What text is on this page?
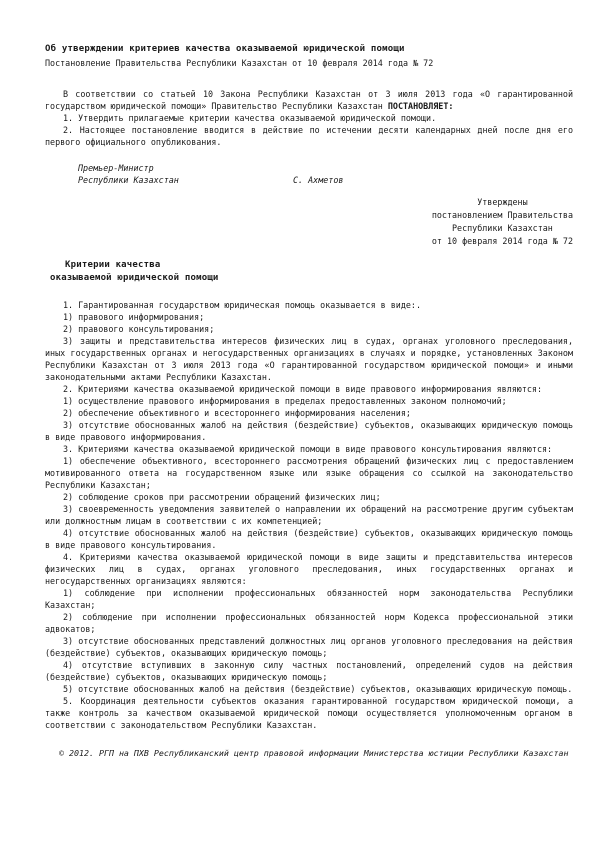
Об утверждении критериев качества оказываемой юридической помощи
Постановление Правительства Республики Казахстан от 10 февраля 2014 года № 72

В соответствии со статьей 10 Закона Республики Казахстан от 3 июля 2013 года «О гарантированной государством юридической помощи» Правительство Республики Казахстан ПОСТАНОВЛЯЕТ:

1. Утвердить прилагаемые критерии качества оказываемой юридической помощи.

2. Настоящее постановление вводится в действие по истечении десяти календарных дней после дня его первого официального опубликования.

Премьер-Министр
Республики Казахстан	С. Ахметов
Утверждены
постановлением Правительства
Республики Казахстан
от 10 февраля 2014 года № 72
Критерии качества
оказываемой юридической помощи

1. Гарантированная государством юридическая помощь оказывается в виде:.

1) правового информирования;

2) правового консультирования;

3) защиты и представительства интересов физических лиц в судах, органах уголовного преследования, иных государственных органах и негосударственных организациях в случаях и порядке, установленных Законом Республики Казахстан от 3 июля 2013 года «О гарантированной государством юридической помощи» и иными законодательными актами Республики Казахстан.

2. Критериями качества оказываемой юридической помощи в виде правового информирования являются:

1) осуществление правового информирования в пределах предоставленных законом полномочий;

2) обеспечение объективного и всестороннего информирования населения;

3) отсутствие обоснованных жалоб на действия (бездействие) субъектов, оказывающих юридическую помощь в виде правового информирования.

3. Критериями качества оказываемой юридической помощи в виде правового консультирования являются:

1) обеспечение объективного, всестороннего рассмотрения обращений физических лиц с предоставлением мотивированного ответа на государственном языке или языке обращения со ссылкой на законодательство Республики Казахстан;

2) соблюдение сроков при рассмотрении обращений физических лиц;

3) своевременность уведомления заявителей о направлении их обращений на рассмотрение другим субъектам или должностным лицам в соответствии с их компетенцией;

4) отсутствие обоснованных жалоб на действия (бездействие) субъектов, оказывающих юридическую помощь в виде правового консультирования.

4. Критериями качества оказываемой юридической помощи в виде защиты и представительства интересов физических лиц в судах, органах уголовного преследования, иных государственных органах и негосударственных организациях являются:

1) соблюдение при исполнении профессиональных обязанностей норм законодательства Республики Казахстан;

2) соблюдение при исполнении профессиональных обязанностей норм Кодекса профессиональной этики адвокатов;

3) отсутствие обоснованных представлений должностных лиц органов уголовного преследования на действия (бездействие) субъектов, оказывающих юридическую помощь;

4) отсутствие вступивших в законную силу частных постановлений, определений судов на действия (бездействие) субъектов, оказывающих юридическую помощь;

5) отсутствие обоснованных жалоб на действия (бездействие) субъектов, оказывающих юридическую помощь.

5. Координация деятельности субъектов оказания гарантированной государством юридической помощи, а также контроль за качеством оказываемой юридической помощи осуществляется уполномоченным органом в соответствии с законодательством Республики Казахстан.

© 2012. РГП на ПХВ Республиканский центр правовой информации Министерства юстиции Республики Казахстан
